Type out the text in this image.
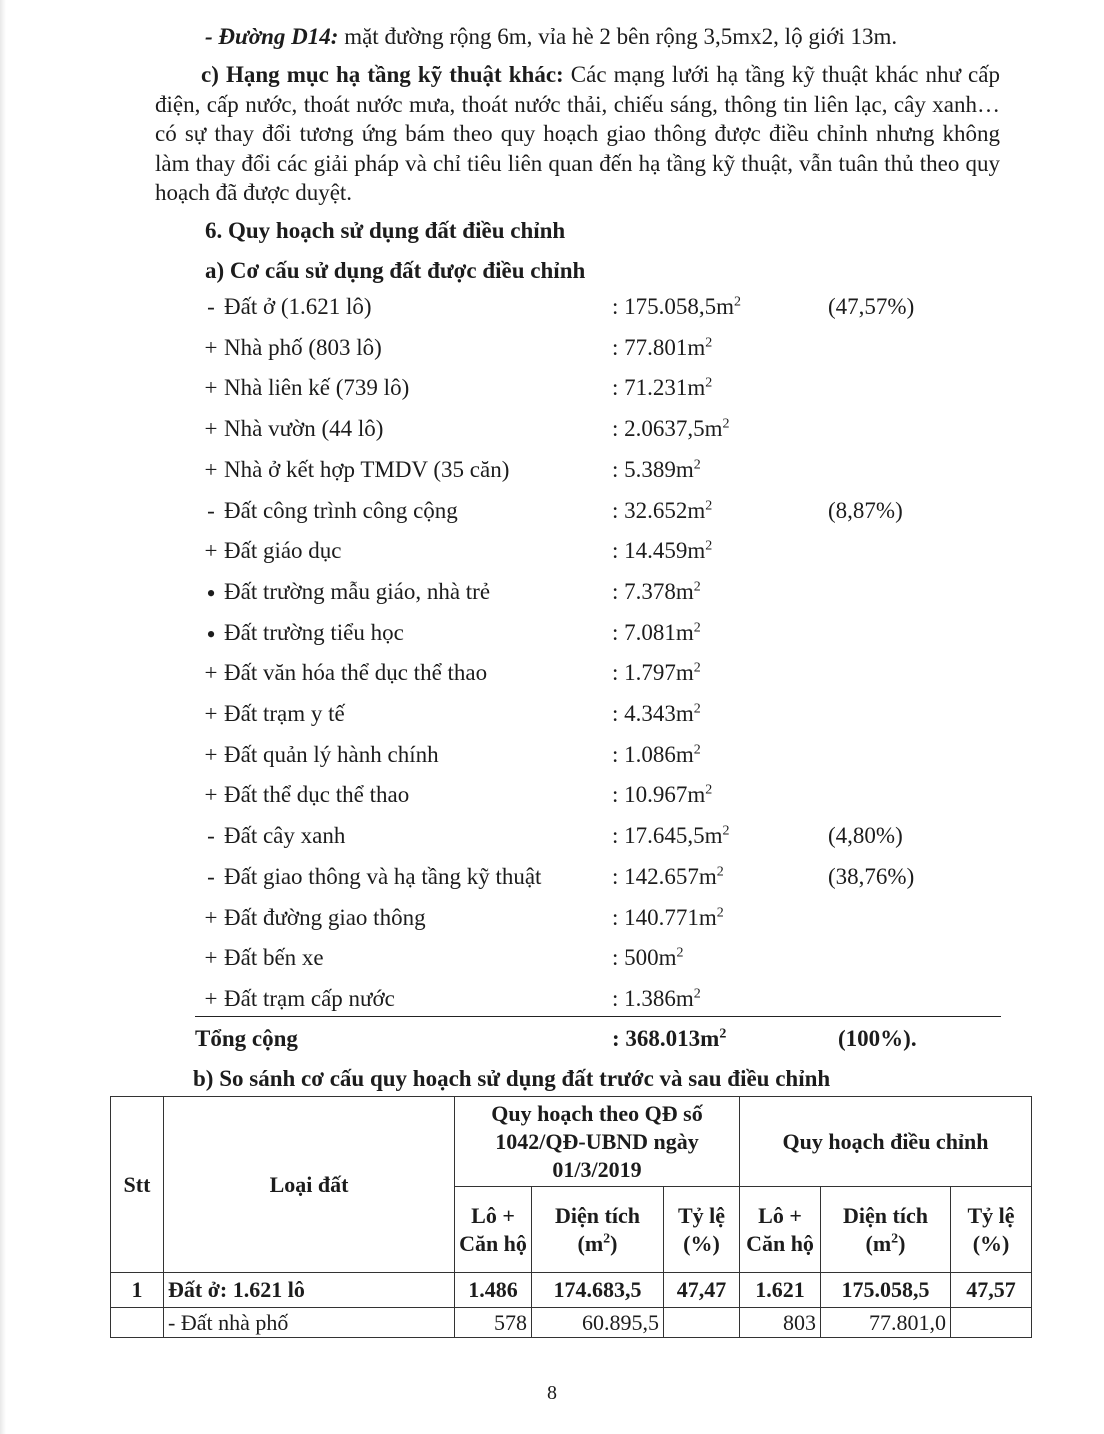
- Đường D14: mặt đường rộng 6m, vỉa hè 2 bên rộng 3,5mx2, lộ giới 13m.
c) Hạng mục hạ tầng kỹ thuật khác: Các mạng lưới hạ tầng kỹ thuật khác như cấp điện, cấp nước, thoát nước mưa, thoát nước thải, chiếu sáng, thông tin liên lạc, cây xanh… có sự thay đổi tương ứng bám theo quy hoạch giao thông được điều chỉnh nhưng không làm thay đổi các giải pháp và chỉ tiêu liên quan đến hạ tầng kỹ thuật, vẫn tuân thủ theo quy hoạch đã được duyệt.
6. Quy hoạch sử dụng đất điều chỉnh
a) Cơ cấu sử dụng đất được điều chỉnh
- Đất ở (1.621 lô)	: $175.058,5m^2$	(47,57%)
+ Nhà phố (803 lô)	: $77.801m^2$
+ Nhà liên kế (739 lô)	: $71.231m^2$
+ Nhà vườn (44 lô)	: $2.0637,5m^2$
+ Nhà ở kết hợp TMDV (35 căn)	: $5.389m^2$
- Đất công trình công cộng	: $32.652m^2$	(8,87%)
+ Đất giáo dục	: $14.459m^2$
• Đất trường mẫu giáo, nhà trẻ	: $7.378m^2$
• Đất trường tiểu học	: $7.081m^2$
+ Đất văn hóa thể dục thể thao	: $1.797m^2$
+ Đất trạm y tế	: $4.343m^2$
+ Đất quản lý hành chính	: $1.086m^2$
+ Đất thể dục thể thao	: $10.967m^2$
- Đất cây xanh	: $17.645,5m^2$	(4,80%)
- Đất giao thông và hạ tầng kỹ thuật	: $142.657m^2$	(38,76%)
+ Đất đường giao thông	: $140.771m^2$
+ Đất bến xe	: $500m^2$
+ Đất trạm cấp nước	: $1.386m^2$
Tổng cộng	: $368.013m^2$	(100%).
b) So sánh cơ cấu quy hoạch sử dụng đất trước và sau điều chỉnh
Stt	Loại đất	Quy hoạch theo QĐ số 1042/QĐ-UBND ngày 01/3/2019			Quy hoạch điều chỉnh		
		Lô + Căn hộ	Diện tích $(m^2)$	Tỷ lệ (%)	Lô + Căn hộ	Diện tích $(m^2)$	Tỷ lệ (%)
1	Đất ở: 1.621 lô	1.486	174.683,5	47,47	1.621	175.058,5	47,57
	- Đất nhà phố	578	60.895,5		803	77.801,0	
8
